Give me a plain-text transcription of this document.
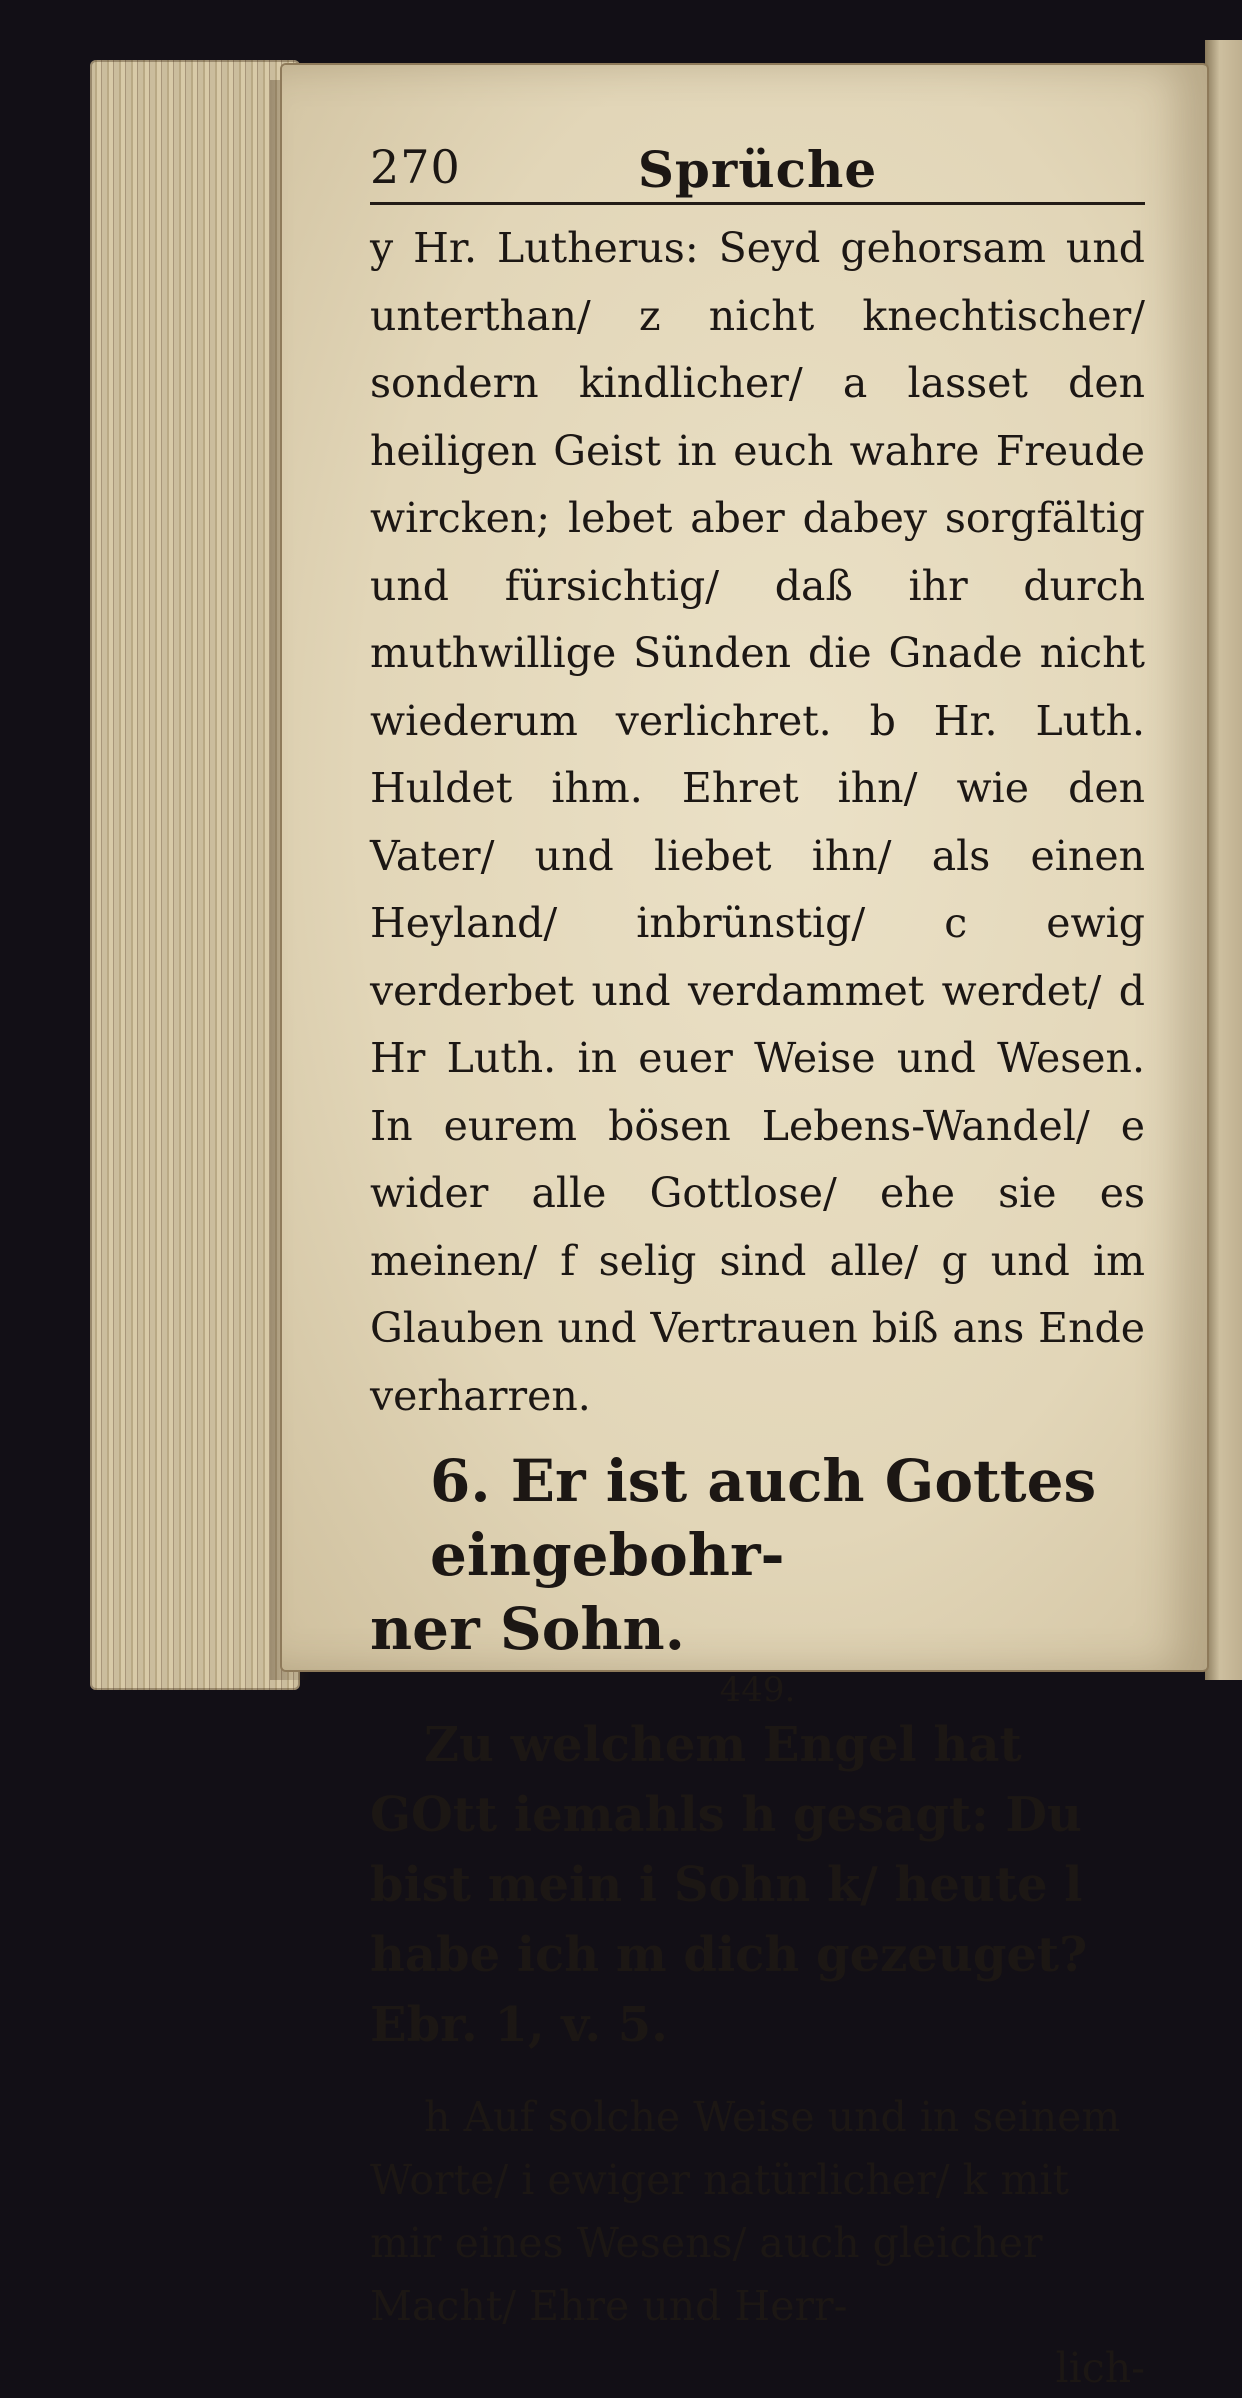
270	Sprüche

y Hr. Lutherus: Seyd gehorsam und unterthan/ z nicht knechtischer/ sondern kindlicher/ a lasset den heiligen Geist in euch wahre Freude wircken; lebet aber dabey sorgfältig und fürsichtig/ daß ihr durch muthwillige Sünden die Gnade nicht wiederum verlichret. b Hr. Luth. Huldet ihm. Ehret ihn/ wie den Vater/ und liebet ihn/ als einen Heyland/ inbrünstig/ c ewig verderbet und verdammet werdet/ d Hr Luth. in euer Weise und Wesen. In eurem bösen Lebens-Wandel/ e wider alle Gottlose/ ehe sie es meinen/ f selig sind alle/ g und im Glauben und Vertrauen biß ans Ende verharren.

6. Er ist auch Gottes eingebohr-
ner Sohn.

449.

Zu welchem Engel hat GOtt iemahls h gesagt: Du bist mein i Sohn k/ heute l habe ich m dich gezeuget? Ebr. 1, v. 5.

h Auf solche Weise und in seinem Worte/ i ewiger natürlicher/ k mit mir eines Wesens/ auch gleicher Macht/ Ehre und Herr-

lich-
